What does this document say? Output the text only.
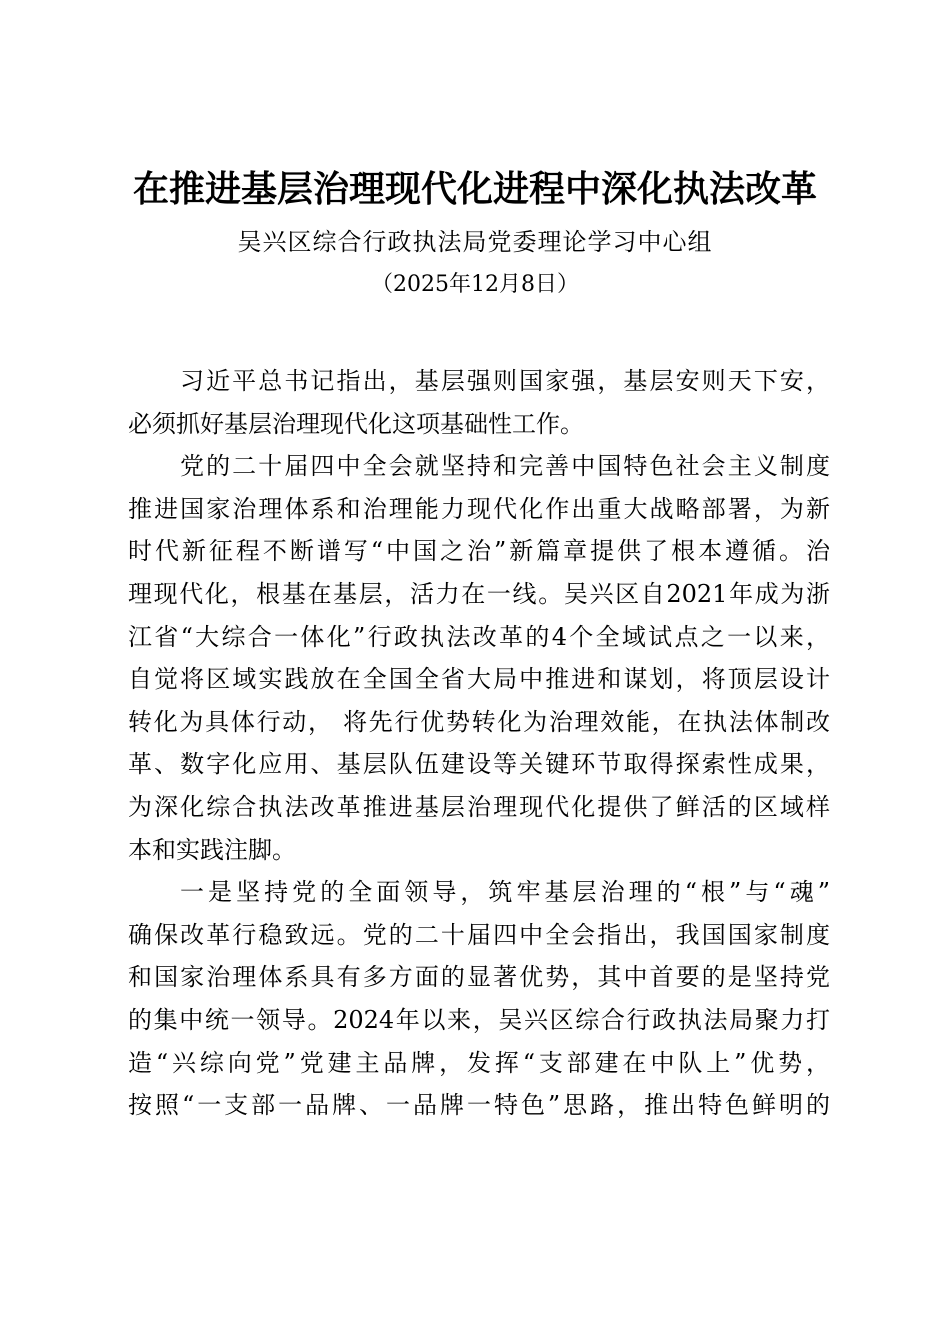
在推进基层治理现代化进程中深化执法改革
吴兴区综合行政执法局党委理论学习中心组
（2025年12月8日）
习近平总书记指出，基层强则国家强，基层安则天下安，
必须抓好基层治理现代化这项基础性工作。
党的二十届四中全会就坚持和完善中国特色社会主义制度
推进国家治理体系和治理能力现代化作出重大战略部署，为新
时代新征程不断谱写“中国之治”新篇章提供了根本遵循。治
理现代化，根基在基层，活力在一线。吴兴区自2021年成为浙
江省“大综合一体化”行政执法改革的4个全域试点之一以来，
自觉将区域实践放在全国全省大局中推进和谋划，将顶层设计
转化为具体行动， 将先行优势转化为治理效能，在执法体制改
革、数字化应用、基层队伍建设等关键环节取得探索性成果，
为深化综合执法改革推进基层治理现代化提供了鲜活的区域样
本和实践注脚。
一是坚持党的全面领导，筑牢基层治理的“根”与“魂”
确保改革行稳致远。党的二十届四中全会指出，我国国家制度
和国家治理体系具有多方面的显著优势，其中首要的是坚持党
的集中统一领导。2024年以来，吴兴区综合行政执法局聚力打
造“兴综向党”党建主品牌，发挥“支部建在中队上”优势，
按照“一支部一品牌、一品牌一特色”思路，推出特色鲜明的
